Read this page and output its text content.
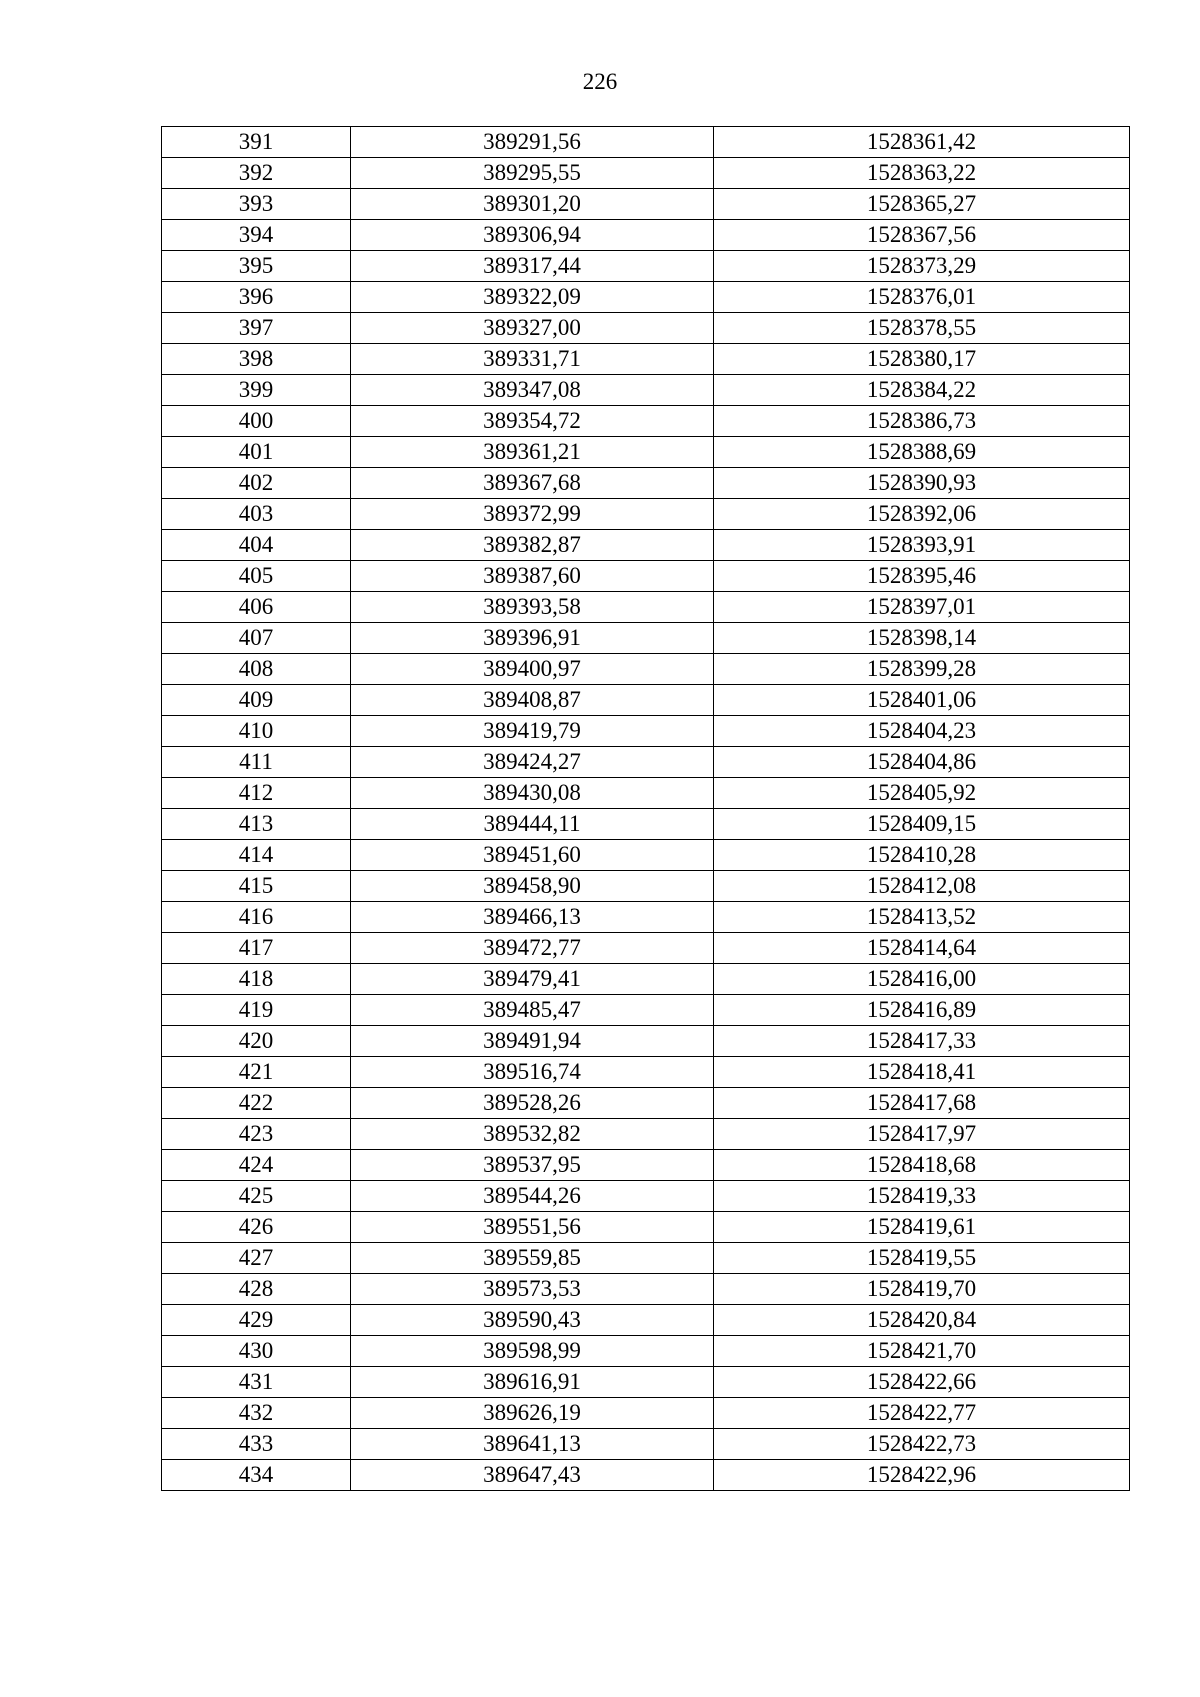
226
391	389291,56	1528361,42
392	389295,55	1528363,22
393	389301,20	1528365,27
394	389306,94	1528367,56
395	389317,44	1528373,29
396	389322,09	1528376,01
397	389327,00	1528378,55
398	389331,71	1528380,17
399	389347,08	1528384,22
400	389354,72	1528386,73
401	389361,21	1528388,69
402	389367,68	1528390,93
403	389372,99	1528392,06
404	389382,87	1528393,91
405	389387,60	1528395,46
406	389393,58	1528397,01
407	389396,91	1528398,14
408	389400,97	1528399,28
409	389408,87	1528401,06
410	389419,79	1528404,23
411	389424,27	1528404,86
412	389430,08	1528405,92
413	389444,11	1528409,15
414	389451,60	1528410,28
415	389458,90	1528412,08
416	389466,13	1528413,52
417	389472,77	1528414,64
418	389479,41	1528416,00
419	389485,47	1528416,89
420	389491,94	1528417,33
421	389516,74	1528418,41
422	389528,26	1528417,68
423	389532,82	1528417,97
424	389537,95	1528418,68
425	389544,26	1528419,33
426	389551,56	1528419,61
427	389559,85	1528419,55
428	389573,53	1528419,70
429	389590,43	1528420,84
430	389598,99	1528421,70
431	389616,91	1528422,66
432	389626,19	1528422,77
433	389641,13	1528422,73
434	389647,43	1528422,96
